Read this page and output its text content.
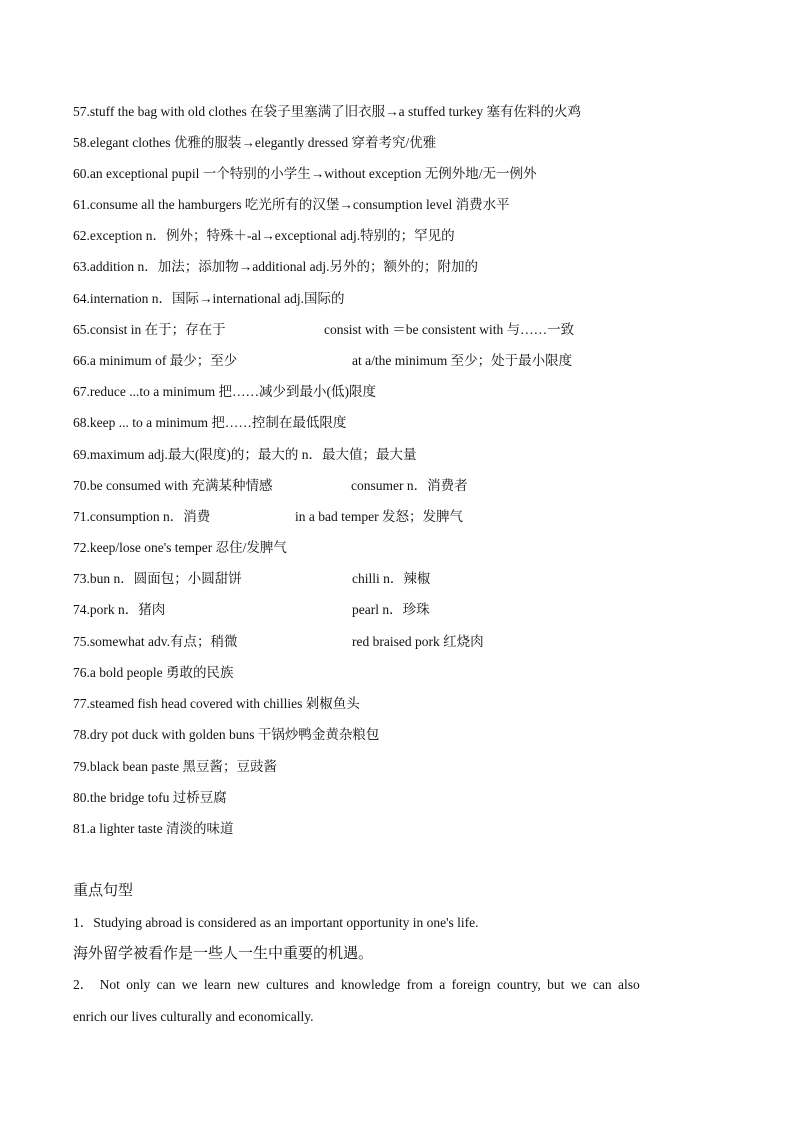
57.stuff the bag with old clothes 在袋子里塞满了旧衣服→a stuffed turkey 塞有佐料的火鸡
58.elegant clothes 优雅的服装→elegantly dressed 穿着考究/优雅
60.an exceptional pupil 一个特别的小学生→without exception 无例外地/无一例外
61.consume all the hamburgers 吃光所有的汉堡→consumption level 消费水平
62.exception n．例外；特殊＋-al→exceptional adj.特别的；罕见的
63.addition n．加法；添加物→additional adj.另外的；额外的；附加的
64.internation n．国际→international adj.国际的
65.consist in 在于；存在于	consist with ＝be consistent with 与……一致
66.a minimum of 最少；至少	at a/the minimum 至少；处于最小限度
67.reduce ...to a minimum 把……减少到最小(低)限度
68.keep ... to a minimum 把……控制在最低限度
69.maximum adj.最大(限度)的；最大的 n．最大值；最大量
70.be consumed with 充满某种情感	consumer n．消费者
71.consumption n．消费	in a bad temper 发怒；发脾气
72.keep/lose one's temper 忍住/发脾气
73.bun n．圆面包；小圆甜饼	chilli n．辣椒
74.pork n．猪肉	pearl n．珍珠
75.somewhat adv.有点；稍微	red braised pork 红烧肉
76.a bold people 勇敢的民族
77.steamed fish head covered with chillies 剁椒鱼头
78.dry pot duck with golden buns 干锅炒鸭金黄杂粮包
79.black bean paste 黑豆酱；豆豉酱
80.the bridge tofu 过桥豆腐
81.a lighter taste 清淡的味道
重点句型
1．Studying abroad is considered as an important opportunity in one's life.
海外留学被看作是一些人一生中重要的机遇。
2． Not only can we learn new cultures and knowledge from a foreign country, but we can also
enrich our lives culturally and economically.
